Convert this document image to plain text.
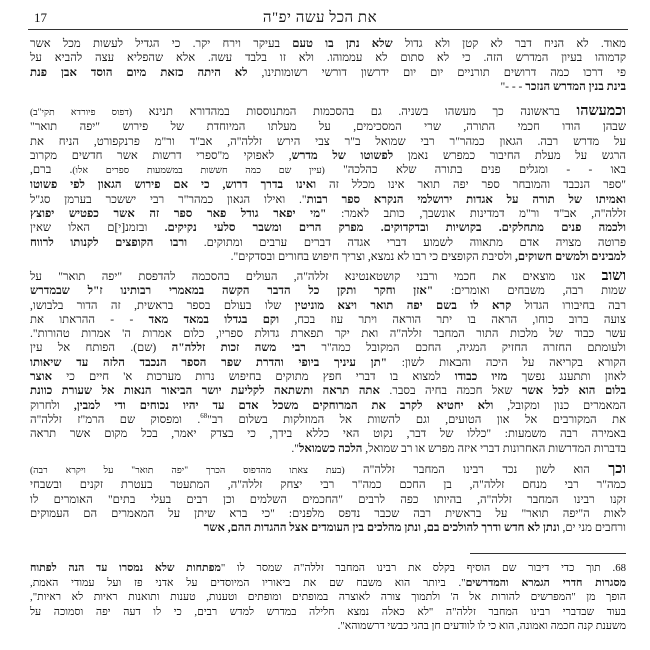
17	את הכל עשה יפ"ה
מאוד. לא הניח דבר לא קטן ולא גדול שלא נתן בו טעם בעיקר וירח יקר. כי הגדיל לעשות מכל אשר
קדמוהו בעיון המדרש הזה. כי לא סתום לא עממוהו. ולא זו בלבד עשה. אלא שהפליא עצה להביא על
פי דרכו כמה דרושים תורניים יום יום ידרשון דורשי רשומותינו, לא היתה כזאת מיום הוסד אבן פנת
בינת בנין המדרש הנזכר - - -"
וכמעשהו בראשונה כך מעשהו בשניה. גם בהסכמות המתנוססות במהדורא תנינא (דפוס פיורדא תקי"ב)
שבהן הודו חכמי התורה, שרי המסכימים, על מעלתו המיוחדת של פירוש "יפה תואר"
על מדרש רבה. הגאון כמהר"ר רבי שמואל ב"ר צבי הירש זללה"ה, אב"ד ור"מ פרנקפורט, הניח את
הרגש על מעלת החיבור כמפרש נאמן לפשוטו של מדרש, לאפוקי מ"ספרי דרשות אשר חדשים מקרוב
באו - - ומגלים פנים בתורה שלא כהלכה" (עיין שם כמה חששות במשמעות ספרים אלו). ברם,
"ספר הנכבד והמובחר ספר יפה תואר אינו מכלל זה ואינו בדרך דרוש, כי אם פירוש הגאון לפי פשוטו
ואמיתו של תורה על אגדות ירושלמי הנקרא ספר רבות". ואילו הגאון כמהר"ר רבי יששכר בערמן סג"ל
זללה"ה, אב"ד ור"מ דמדינות אונשבך, כותב לאמר: "מי יפאר גודל פאר ספר זה אשר כפטיש יפוצץ
ולכמה פנים מתחלקים. בקושיות ובדקדוקים. מפרק הרים ומשבר סלעי נקיקים. ובזמנ[י]ם האלו שאין
פרוטה מצויה אדם מתאווה לשמוע דברי אגדה דברים ערבים ומתוקים. ורבו הקופצים לקנותו לרווח
למבינים ולמשים חשוקים, ולסיבת הקופצים כי רבו לא נמצא, וצריך חיפוש בחורים ובסדקים".
ושוב אנו מוצאים את חכמי ורבני קושטאנטינא זללה"ה, העולים בהסכמה להדפסת "יפה תואר" על
שמות רבה, משבחים ואומרים: "אזן וחקר ותקן כל הדבר הקשה במאמרי רבותינו ז"ל שבמדרש
רבה בחיבורו הגדול קרא לו בשם יפה תואר ויצא מוניטין שלו בעולם בספר בראשית, זה הדור בלבושו,
צועה ברוב כוחו, הראה בו יתר הוראה ויתר עוז בכח, וקם בגדלו במאד מאד - - ההראתו את
עשר כבוד של מלכות התור המחבר זללה"ה ואת יקר תפארת גדולת ספריו, כלום אמרות ה' אמרות טהורות".
ולעומתם החזרה החזיק המגיה, החכם המקובל כמה"ר רבי משה זכות זללה"ה (שם). הפותח אל עין
הקורא בקריאה על היכה והבאות לשון: "תן עיניך ביופי והדרת שפר הספר הנכבד הלזה עד שיאותו
לאוזן ותתענג נפשך מזיו כבודו למצוא בו דברי חפץ מתוקים בחיפוש נרות מערכות א' חיים כי אוצר
בלום הוא לכל אשר שאל חכמה בחיה בסבר. אתה תראה ותשתאה לקליעת יושר הביאור הנאות אל שעורת כוונת
המאמרים כנון ומקובל, ולא יחטיא לקרב את המרוחקים משכל אדם עד יהיו נכוחים ודי למבין, ולחרוק
את המקורבים אל און הטועים, וגם להשוות אל המוזלקות בשלום רב"$^{68}$. ומפסוק שם הרמ"ז זללה"ה
באמירה רבה משמעות: "כללו של דבר, נקוט האי כללא בידך, כי בצדק יאמר, בכל מקום אשר תראה
בדברות המדרשות האחרונות דברי איזה מפרש או רב שמואל, הלכה כשמואל".
וכך הוא לשון נכד רבינו המחבר זללה"ה (בעת צאתו מהדפוס הכרך "יפה תואר" על ויקרא רבה)
כמה"ר רבי מנחם זללה"ה, בן החכם כמה"ר רבי יצחק זללה"ה, המתעטר בעטרת זקנים ובשבחי
זקנו רבינו המחבר זללה"ה, בהיותו כפה לרבים "החכמים השלמים וכן רבים בעלי בתים" האומרים לו
לאות ה"יפה תואר" על בראשית רבה שכבר נדפס מלפנים: "כי ברא שיתן על המאמרים הם העמוקים
ורחבים מני ים, ונתן לא חדש ודרך להולכים בם, ונתן מהלכים בין העומדים אצל ההגדות ההם, אשר
68. תוך כדי דיבור שם הוסיף בקלס את רבינו המחבר זללה"ה שמסר לו "מפתחות שלא נמסרו עד הנה לפתוח
מסגרות חדרי הגמרא והמדרשים". ביותר הוא משבח שם את ביאוריו המיוסדים על אדני פז ועל עמודי האמת,
הופך מן "המפרשים להורות אל ה' ולתמוך צורה לאוצרה במופתים ומופתים וטענות, טענות ותואנות ראיות לא ראיות",
בעוד שבדברי רבינו המחבר זללה"ה "לא כאלה נמצא חלילה במדרש למדש רבים, כי לו דעה יפה וסמוכה על
משענת קנה חכמה ואמונה, הוא כי לו לוודעים חן בהגי כבשי דרשמוהא".
